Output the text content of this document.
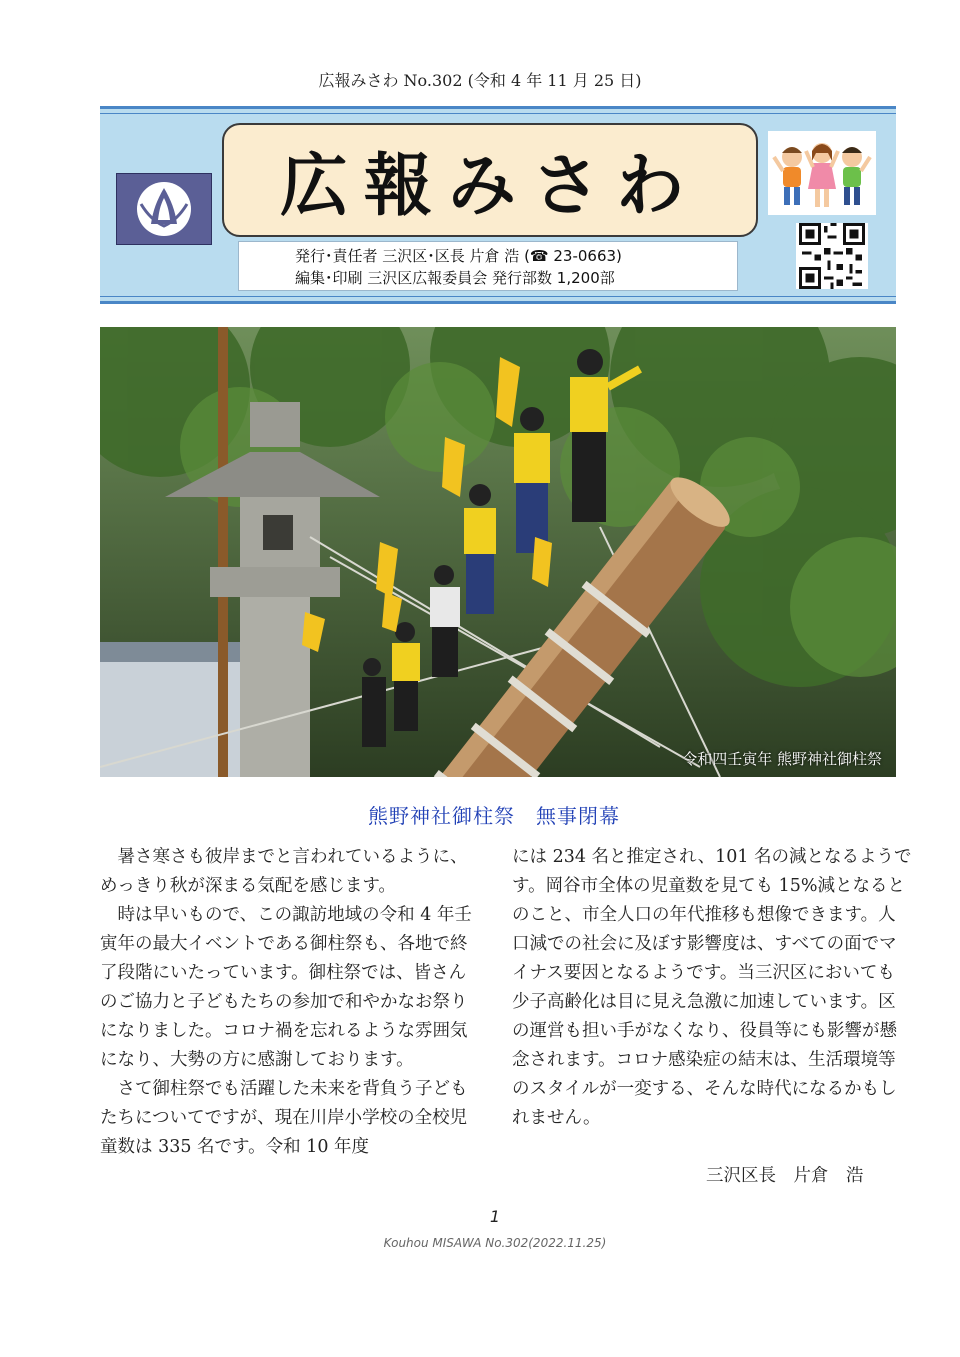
広報みさわ No.302 (令和 4 年 11 月 25 日)
広報みさわ
発行･責任者 三沢区･区長 片倉 浩 (☎ 23-0663)
編集･印刷 三沢区広報委員会 発行部数 1,200部
令和四壬寅年 熊野神社御柱祭
熊野神社御柱祭　無事閉幕

　暑さ寒さも彼岸までと言われているように、めっきり秋が深まる気配を感じます。
　時は早いもので、この諏訪地域の令和 4 年壬寅年の最大イベントである御柱祭も、各地で終了段階にいたっています。御柱祭では、皆さんのご協力と子どもたちの参加で和やかなお祭りになりました。コロナ禍を忘れるような雰囲気になり、大勢の方に感謝しております。
　さて御柱祭でも活躍した未来を背負う子どもたちについてですが、現在川岸小学校の全校児童数は 335 名です。令和 10 年度

には 234 名と推定され、101 名の減となるようです。岡谷市全体の児童数を見ても 15%減となるとのこと、市全人口の年代推移も想像できます。人口減での社会に及ぼす影響度は、すべての面でマイナス要因となるようです。当三沢区においても少子高齢化は目に見え急激に加速しています。区の運営も担い手がなくなり、役員等にも影響が懸念されます。コロナ感染症の結末は、生活環境等のスタイルが一変する、そんな時代になるかもしれません。

三沢区長　片倉　浩
1
Kouhou MISAWA No.302(2022.11.25)
